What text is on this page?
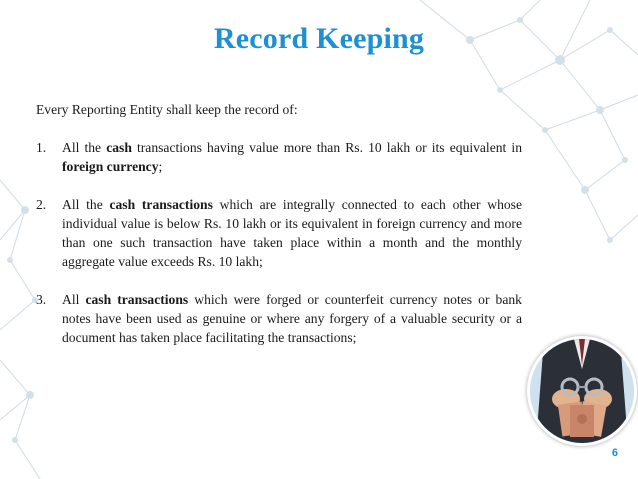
Record Keeping

Every Reporting Entity shall keep the record of:

1. All the cash transactions having value more than Rs. 10 lakh or its equivalent in foreign currency;

2. All the cash transactions which are integrally connected to each other whose individual value is below Rs. 10 lakh or its equivalent in foreign currency and more than one such transaction have taken place within a month and the monthly aggregate value exceeds Rs. 10 lakh;

3. All cash transactions which were forged or counterfeit currency notes or bank notes have been used as genuine or where any forgery of a valuable security or a document has taken place facilitating the transactions;

6
